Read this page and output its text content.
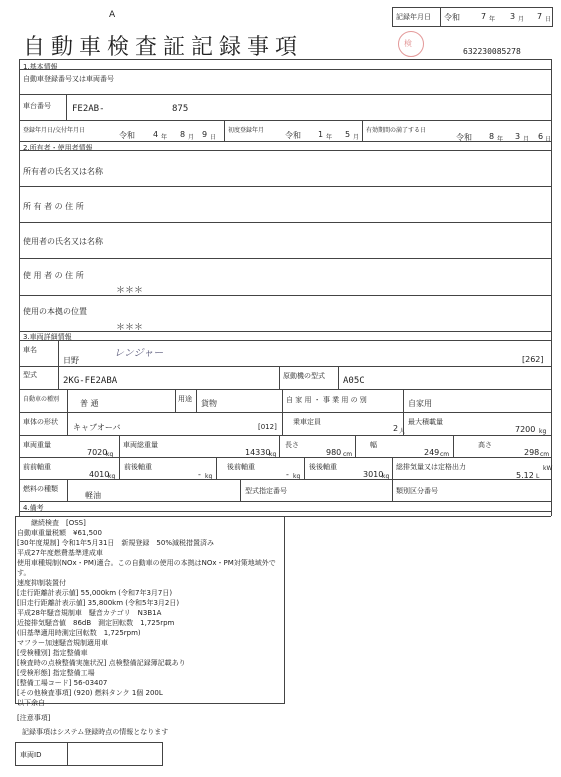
A
自動車検査証記録事項
記録年月日 令和	7 年 3 月 7 日
検
632230085278
1.基本情報
自動車登録番号又は車両番号
車台番号 FE2AB-	875
登録年月日/交付年月日
令和 4 年 8 月 9 日
初度登録年月
令和 1 年 5 月
有効期間の満了する日
令和 8 年 3 月 6 日
2.所有者・使用者情報
所有者の氏名又は名称
所 有 者 の 住 所
使用者の氏名又は名称
使 用 者 の 住 所
＊＊＊
使用の本拠の位置
＊＊＊
3.車両詳細情報
車名
日野
レンジャー
[262]
型式
2KG-FE2ABA	原動機の型式 A05C
自動車の種別	普 通	用途 貨物	自 家 用 ・ 事 業 用 の 別	自家用
車体の形状
キャブオーバ	[012]
乗車定員
2 人
最大積載量
7200 kg
車両重量
7020
kg
車両総重量
14330
kg
長さ
980 cm
幅
249 cm
高さ
298 cm
前前軸重
4010
kg
前後軸重
- kg
後前軸重
- kg
後後軸重
3010
kg
総排気量又は定格出力
5.12 L
kW
燃料の種類
軽油	型式指定番号	類別区分番号
4.備考
　　継続検査　[OSS]
自動車重量税額　¥61,500
[30年度規制] 令和1年5月31日　新規登録　50%減税措置済み
平成27年度燃費基準達成車
使用車種規制(NOx・PM)適合。この自動車の使用の本拠はNOx・PM対策地域外です。
速度抑制装置付
[走行距離計表示値] 55,000km (令和7年3月7日)
[旧走行距離計表示値] 35,800km (令和5年3月2日)
平成28年騒音規制車　騒音カテゴリ　N3B1A
近接排気騒音値　86dB　測定回転数　1,725rpm
(旧基準適用時測定回転数　1,725rpm)
マフラー加速騒音規制適用車
[受検種別] 指定整備車
[検査時の点検整備実施状況] 点検整備記録簿記載あり
[受検形態] 指定整備工場
[整備工場コード] 56-03407
[その他検査事項] (920) 燃料タンク 1個 200L
以下余白
[注意事項]
記録事項はシステム登録時点の情報となります
車両ID
